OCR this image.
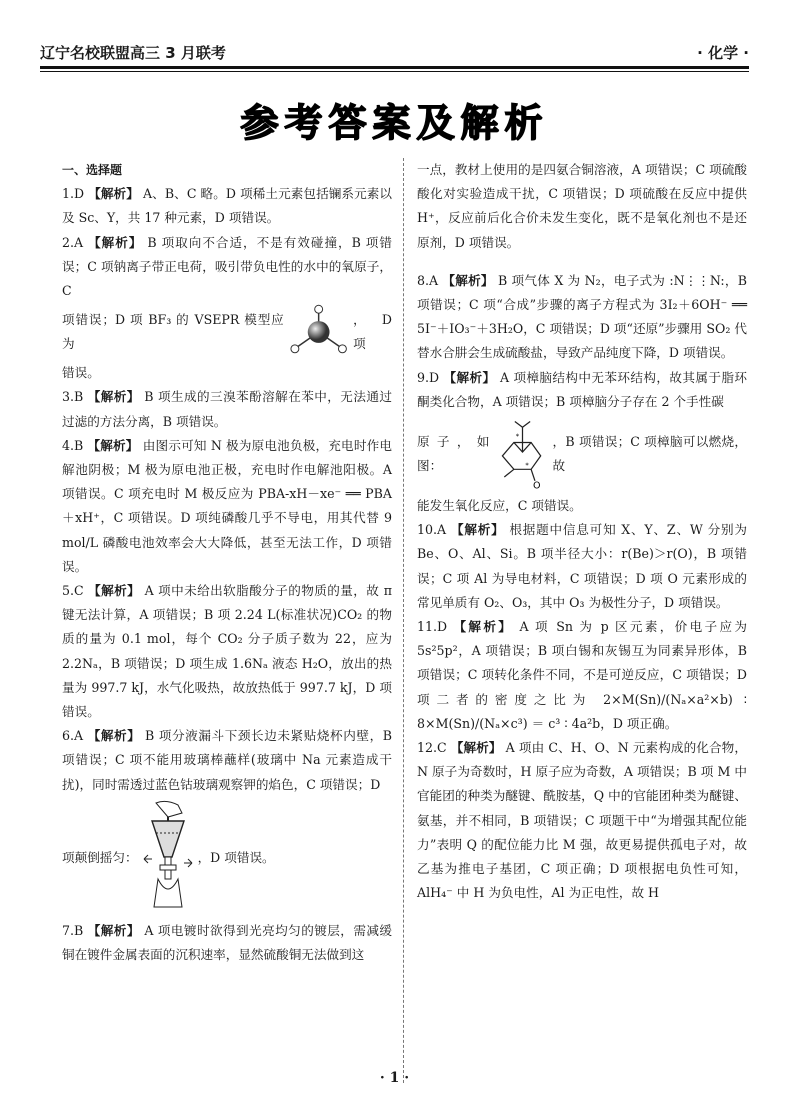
辽宁名校联盟高三 3 月联考	· 化学 ·
参考答案及解析
一、选择题
1.D 【解析】 A、B、C 略。D 项稀土元素包括镧系元素以及 Sc、Y，共 17 种元素，D 项错误。
2.A 【解析】 B 项取向不合适，不是有效碰撞，B 项错误；C 项钠离子带正电荷，吸引带负电性的水中的氧原子，C
项错误；D 项 BF₃ 的 VSEPR 模型应为
，D 项
错误。
3.B 【解析】 B 项生成的三溴苯酚溶解在苯中，无法通过过滤的方法分离，B 项错误。
4.B 【解析】 由图示可知 N 极为原电池负极，充电时作电解池阴极；M 极为原电池正极，充电时作电解池阳极。A 项错误。C 项充电时 M 极反应为 PBA-xH－xe⁻ ══ PBA＋xH⁺，C 项错误。D 项纯磷酸几乎不导电，用其代替 9 mol/L 磷酸电池效率会大大降低，甚至无法工作，D 项错误。
5.C 【解析】 A 项中未给出软脂酸分子的物质的量，故 π 键无法计算，A 项错误；B 项 2.24 L(标准状况)CO₂ 的物质的量为 0.1 mol，每个 CO₂ 分子质子数为 22，应为 2.2Nₐ，B 项错误；D 项生成 1.6Nₐ 液态 H₂O，放出的热量为 997.7 kJ，水气化吸热，故放热低于 997.7 kJ，D 项错误。
6.A 【解析】 B 项分液漏斗下颈长边未紧贴烧杯内壁，B 项错误；C 项不能用玻璃棒蘸样(玻璃中 Na 元素造成干扰)，同时需透过蓝色钴玻璃观察钾的焰色，C 项错误；D
项颠倒摇匀：	，D 项错误。
7.B 【解析】 A 项电镀时欲得到光亮均匀的镀层，需减缓铜在镀件金属表面的沉积速率，显然硫酸铜无法做到这
一点，教材上使用的是四氨合铜溶液，A 项错误；C 项硫酸酸化对实验造成干扰，C 项错误；D 项硫酸在反应中提供 H⁺，反应前后化合价未发生变化，既不是氧化剂也不是还原剂，D 项错误。
8.A 【解析】 B 项气体 X 为 N₂，电子式为 :N⋮⋮N:，B 项错误；C 项“合成”步骤的离子方程式为 3I₂＋6OH⁻ ══ 5I⁻＋IO₃⁻＋3H₂O，C 项错误；D 项“还原”步骤用 SO₂ 代替水合肼会生成硫酸盐，导致产品纯度下降，D 项错误。
9.D 【解析】 A 项樟脑结构中无苯环结构，故其属于脂环酮类化合物，A 项错误；B 项樟脑分子存在 2 个手性碳
原子，如图：
*
*
O
，B 项错误；C 项樟脑可以燃烧，故
能发生氧化反应，C 项错误。
10.A 【解析】 根据题中信息可知 X、Y、Z、W 分别为 Be、O、Al、Si。B 项半径大小：r(Be)＞r(O)，B 项错误；C 项 Al 为导电材料，C 项错误；D 项 O 元素形成的常见单质有 O₂、O₃，其中 O₃ 为极性分子，D 项错误。
11.D 【解析】 A 项 Sn 为 p 区元素，价电子应为 5s²5p²，A 项错误；B 项白锡和灰锡互为同素异形体，B 项错误；C 项转化条件不同，不是可逆反应，C 项错误；D 项二者的密度之比为 2×M(Sn)/(Nₐ×a²×b) ∶ 8×M(Sn)/(Nₐ×c³) ＝ c³ ∶ 4a²b，D 项正确。
12.C 【解析】 A 项由 C、H、O、N 元素构成的化合物，N 原子为奇数时，H 原子应为奇数，A 项错误；B 项 M 中官能团的种类为醚键、酰胺基，Q 中的官能团种类为醚键、氨基，并不相同，B 项错误；C 项题干中“为增强其配位能力”表明 Q 的配位能力比 M 强，故更易提供孤电子对，故乙基为推电子基团，C 项正确；D 项根据电负性可知，AlH₄⁻ 中 H 为负电性，Al 为正电性，故 H
· 1 ·
